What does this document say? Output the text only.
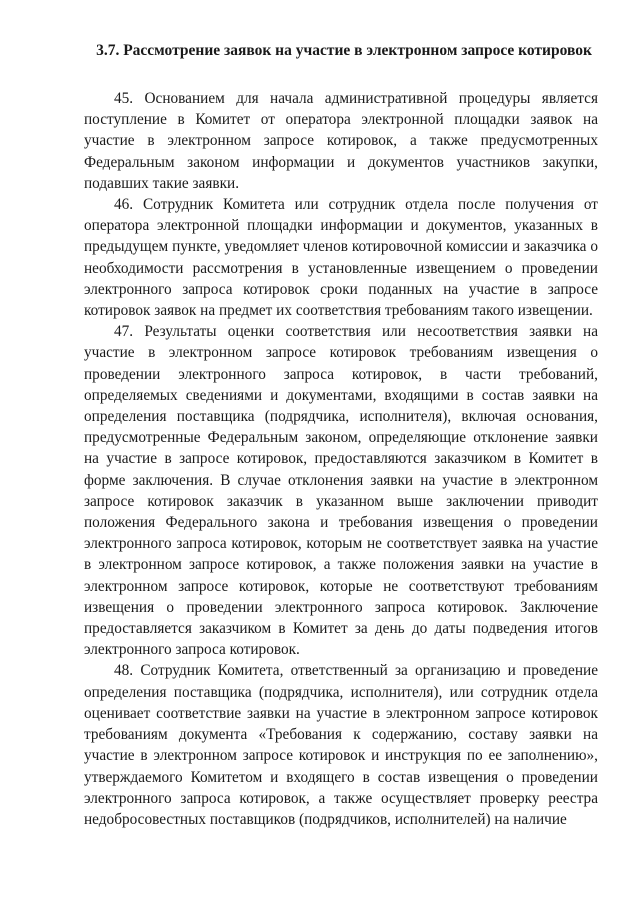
3.7. Рассмотрение заявок на участие в электронном запросе котировок

45. Основанием для начала административной процедуры является поступление в Комитет от оператора электронной площадки заявок на участие в электронном запросе котировок, а также предусмотренных Федеральным законом информации и документов участников закупки, подавших такие заявки.

46. Сотрудник Комитета или сотрудник отдела после получения от оператора электронной площадки информации и документов, указанных в предыдущем пункте, уведомляет членов котировочной комиссии и заказчика о необходимости рассмотрения в установленные извещением о проведении электронного запроса котировок сроки поданных на участие в запросе котировок заявок на предмет их соответствия требованиям такого извещении.

47. Результаты оценки соответствия или несоответствия заявки на участие в электронном запросе котировок требованиям извещения о проведении электронного запроса котировок, в части требований, определяемых сведениями и документами, входящими в состав заявки на определения поставщика (подрядчика, исполнителя), включая основания, предусмотренные Федеральным законом, определяющие отклонение заявки на участие в запросе котировок, предоставляются заказчиком в Комитет в форме заключения. В случае отклонения заявки на участие в электронном запросе котировок заказчик в указанном выше заключении приводит положения Федерального закона и требования извещения о проведении электронного запроса котировок, которым не соответствует заявка на участие в электронном запросе котировок, а также положения заявки на участие в электронном запросе котировок, которые не соответствуют требованиям извещения о проведении электронного запроса котировок. Заключение предоставляется заказчиком в Комитет за день до даты подведения итогов электронного запроса котировок.

48. Сотрудник Комитета, ответственный за организацию и проведение определения поставщика (подрядчика, исполнителя), или сотрудник отдела оценивает соответствие заявки на участие в электронном запросе котировок требованиям документа «Требования к содержанию, составу заявки на участие в электронном запросе котировок и инструкция по ее заполнению», утверждаемого Комитетом и входящего в состав извещения о проведении электронного запроса котировок, а также осуществляет проверку реестра недобросовестных поставщиков (подрядчиков, исполнителей) на наличие
